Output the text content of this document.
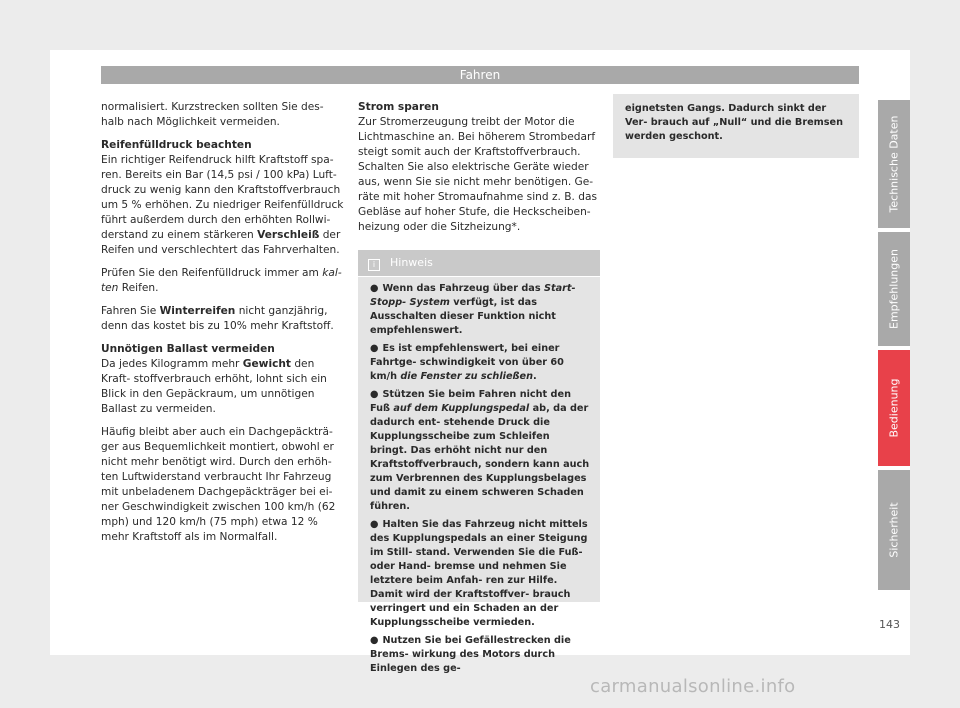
Fahren

normalisiert. Kurzstrecken sollten Sie des- halb nach Möglichkeit vermeiden.

Reifenfülldruck beachten

Ein richtiger Reifendruck hilft Kraftstoff spa- ren. Bereits ein Bar (14,5 psi / 100 kPa) Luft- druck zu wenig kann den Kraftstoffverbrauch um 5 % erhöhen. Zu niedriger Reifenfülldruck führt außerdem durch den erhöhten Rollwi- derstand zu einem stärkeren Verschleiß der Reifen und verschlechtert das Fahrverhalten.

Prüfen Sie den Reifenfülldruck immer am kal- ten Reifen.

Fahren Sie Winterreifen nicht ganzjährig, denn das kostet bis zu 10% mehr Kraftstoff.

Unnötigen Ballast vermeiden

Da jedes Kilogramm mehr Gewicht den Kraft- stoffverbrauch erhöht, lohnt sich ein Blick in den Gepäckraum, um unnötigen Ballast zu vermeiden.

Häufig bleibt aber auch ein Dachgepäckträ- ger aus Bequemlichkeit montiert, obwohl er nicht mehr benötigt wird. Durch den erhöh- ten Luftwiderstand verbraucht Ihr Fahrzeug mit unbeladenem Dachgepäckträger bei ei- ner Geschwindigkeit zwischen 100 km/h (62 mph) und 120 km/h (75 mph) etwa 12 % mehr Kraftstoff als im Normalfall.

Strom sparen

Zur Stromerzeugung treibt der Motor die Lichtmaschine an. Bei höherem Strombedarf steigt somit auch der Kraftstoffverbrauch. Schalten Sie also elektrische Geräte wieder aus, wenn Sie sie nicht mehr benötigen. Ge- räte mit hoher Stromaufnahme sind z. B. das Gebläse auf hoher Stufe, die Heckscheiben- heizung oder die Sitzheizung*.

i Hinweis

● Wenn das Fahrzeug über das Start-Stopp- System verfügt, ist das Ausschalten dieser Funktion nicht empfehlenswert.

● Es ist empfehlenswert, bei einer Fahrtge- schwindigkeit von über 60 km/h die Fenster zu schließen.

● Stützen Sie beim Fahren nicht den Fuß auf dem Kupplungspedal ab, da der dadurch ent- stehende Druck die Kupplungsscheibe zum Schleifen bringt. Das erhöht nicht nur den Kraftstoffverbrauch, sondern kann auch zum Verbrennen des Kupplungsbelages und damit zu einem schweren Schaden führen.

● Halten Sie das Fahrzeug nicht mittels des Kupplungspedals an einer Steigung im Still- stand. Verwenden Sie die Fuß- oder Hand- bremse und nehmen Sie letztere beim Anfah- ren zur Hilfe. Damit wird der Kraftstoffver- brauch verringert und ein Schaden an der Kupplungsscheibe vermieden.

● Nutzen Sie bei Gefällestrecken die Brems- wirkung des Motors durch Einlegen des ge-

eignetsten Gangs. Dadurch sinkt der Ver- brauch auf „Null“ und die Bremsen werden geschont.	Technische Daten
Empfehlungen
Bedienung
Sicherheit
143
carmanualsonline.info
